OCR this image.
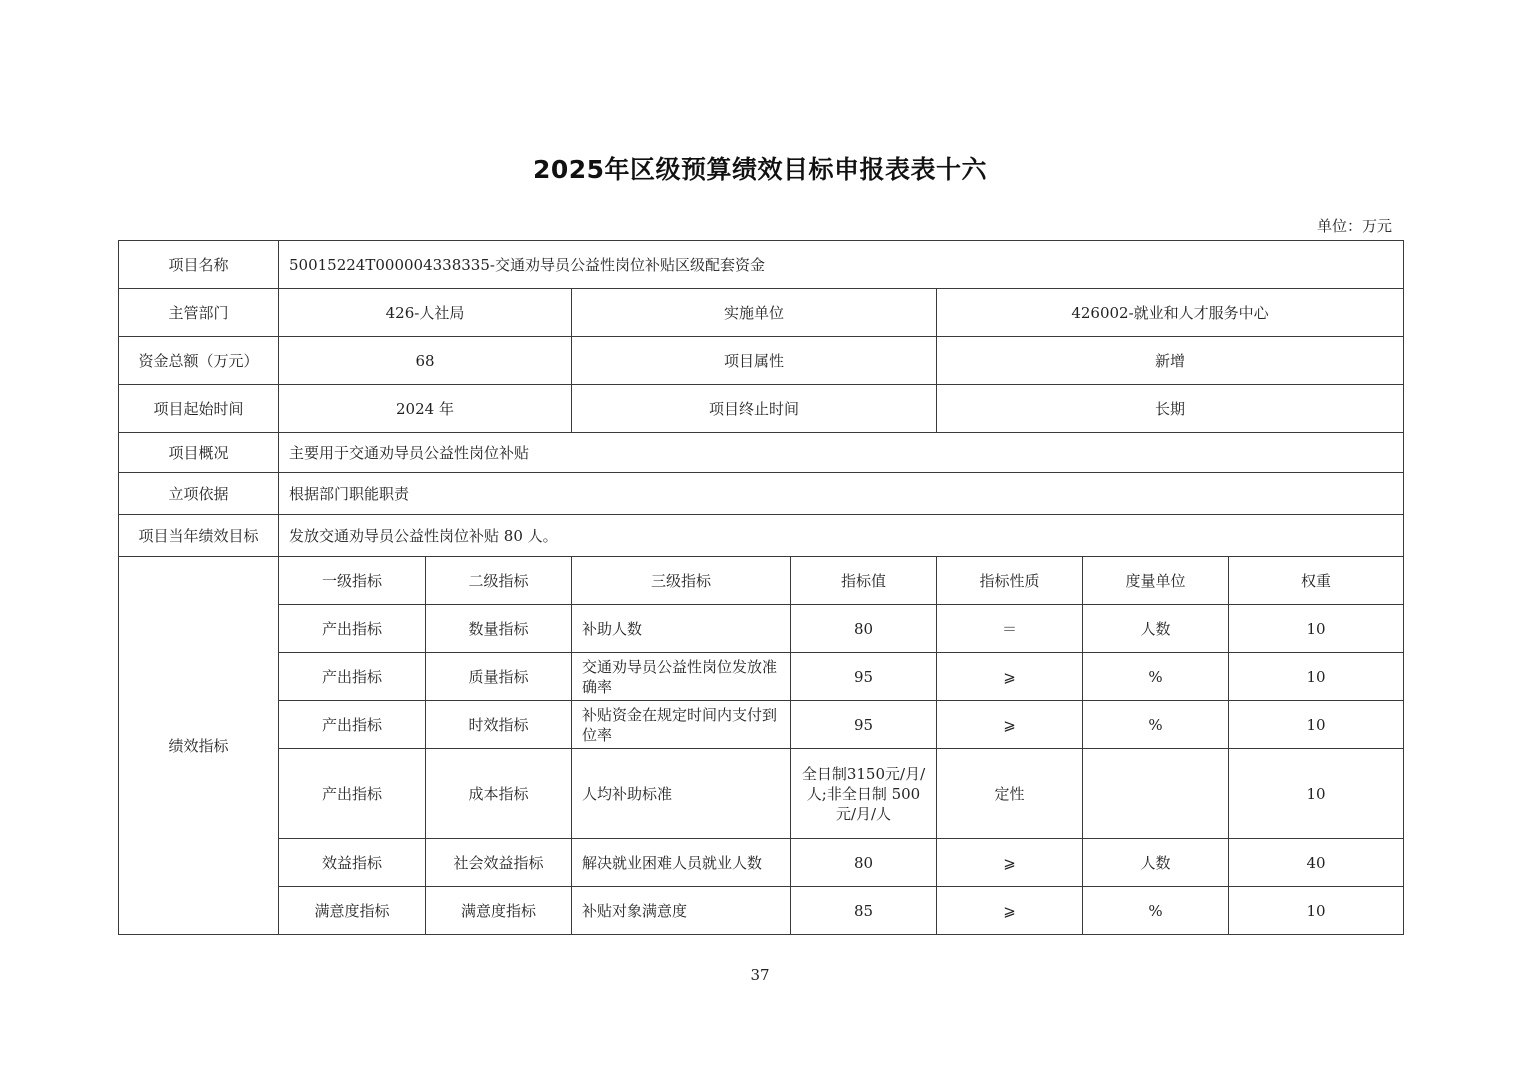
2025年区级预算绩效目标申报表表十六
单位：万元
项目名称	50015224T000004338335-交通劝导员公益性岗位补贴区级配套资金						
主管部门	426-人社局		实施单位		426002-就业和人才服务中心		
资金总额（万元）	68		项目属性		新增		
项目起始时间	2024 年		项目终止时间		长期		
项目概况	主要用于交通劝导员公益性岗位补贴						
立项依据	根据部门职能职责						
项目当年绩效目标	发放交通劝导员公益性岗位补贴 80 人。						
绩效指标	一级指标	二级指标	三级指标	指标值	指标性质	度量单位	权重
	产出指标	数量指标	补助人数	80	＝	人数	10
	产出指标	质量指标	交通劝导员公益性岗位发放准确率	95	⩾	%	10
	产出指标	时效指标	补贴资金在规定时间内支付到位率	95	⩾	%	10
	产出指标	成本指标	人均补助标准	全日制3150元/月/人;非全日制 500元/月/人	定性		10
	效益指标	社会效益指标	解决就业困难人员就业人数	80	⩾	人数	40
	满意度指标	满意度指标	补贴对象满意度	85	⩾	%	10
37
